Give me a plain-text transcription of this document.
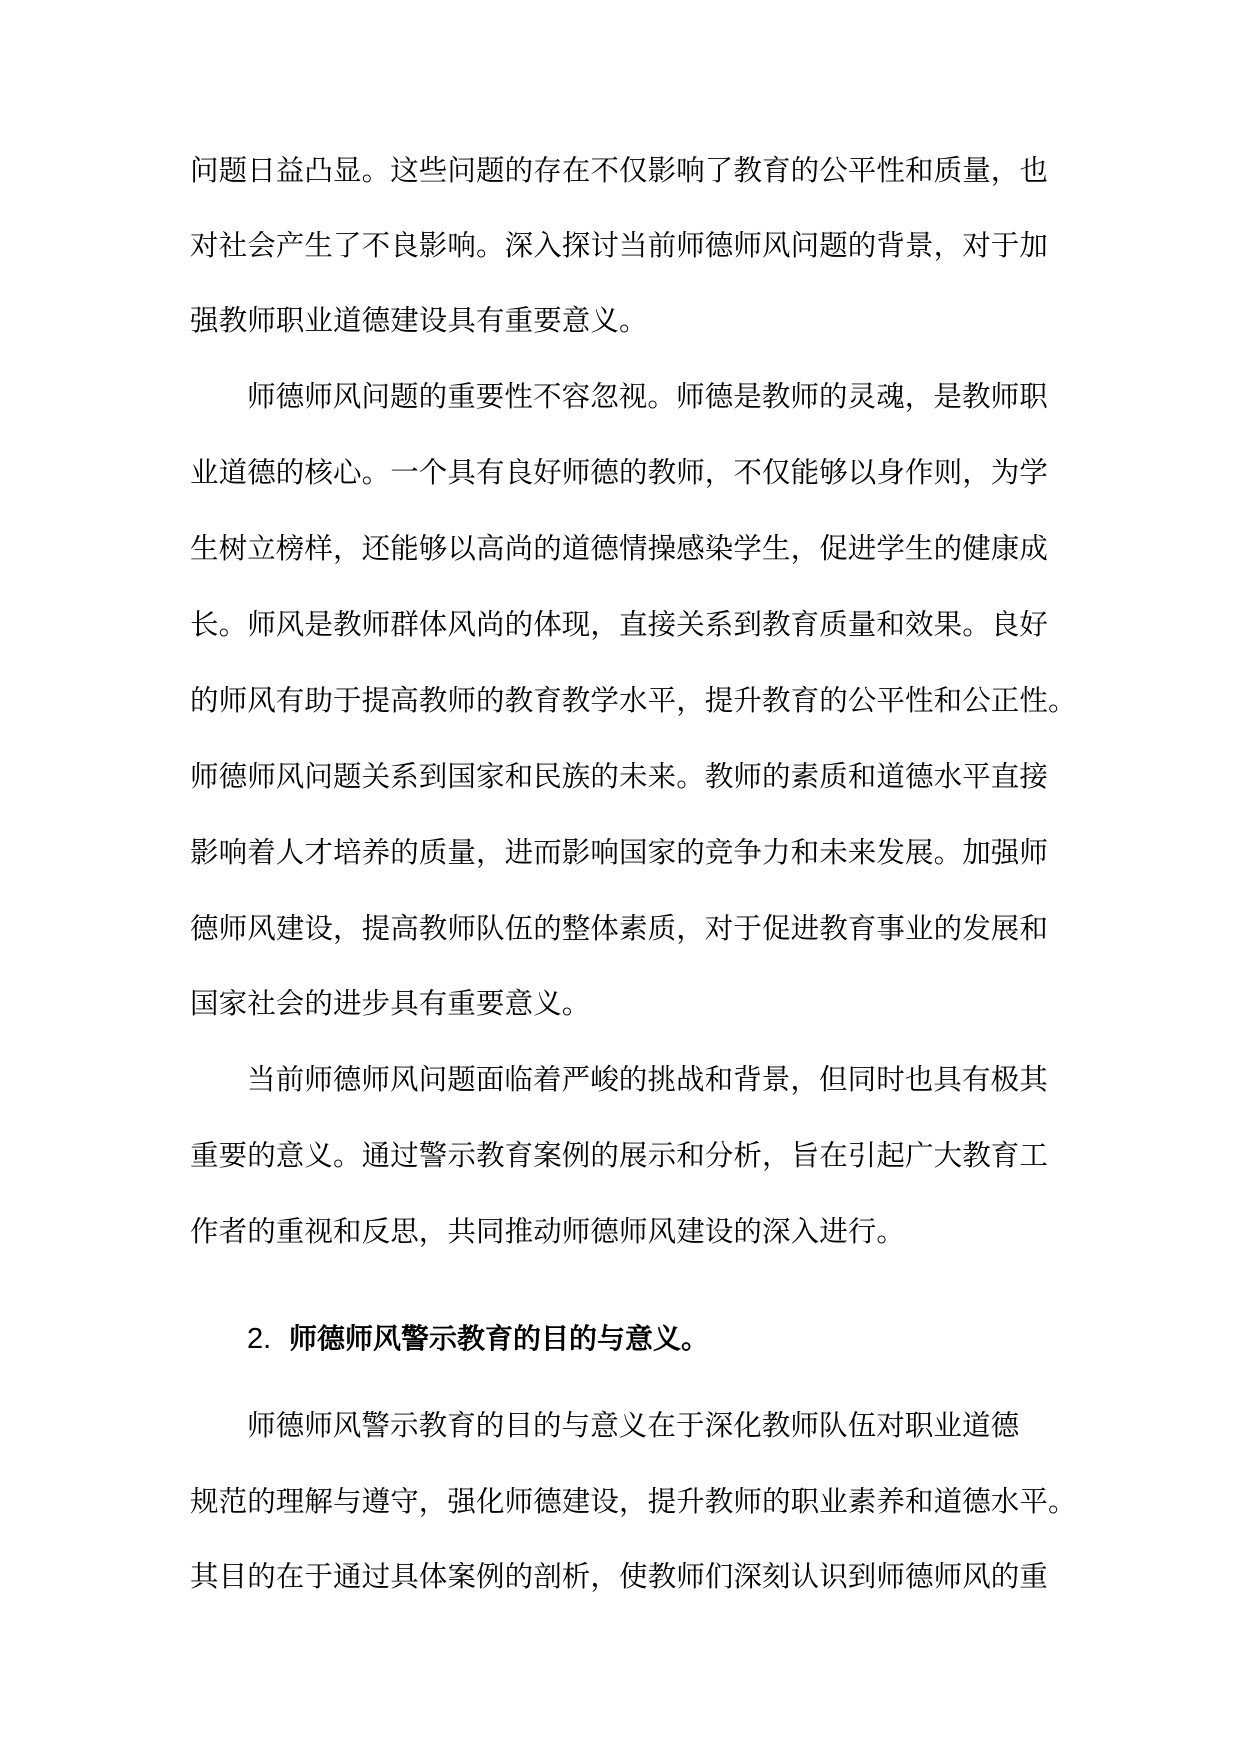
问题日益凸显。这些问题的存在不仅影响了教育的公平性和质量，也
对社会产生了不良影响。深入探讨当前师德师风问题的背景，对于加
强教师职业道德建设具有重要意义。
师德师风问题的重要性不容忽视。师德是教师的灵魂，是教师职
业道德的核心。一个具有良好师德的教师，不仅能够以身作则，为学
生树立榜样，还能够以高尚的道德情操感染学生，促进学生的健康成
长。师风是教师群体风尚的体现，直接关系到教育质量和效果。良好
的师风有助于提高教师的教育教学水平，提升教育的公平性和公正性。
师德师风问题关系到国家和民族的未来。教师的素质和道德水平直接
影响着人才培养的质量，进而影响国家的竞争力和未来发展。加强师
德师风建设，提高教师队伍的整体素质，对于促进教育事业的发展和
国家社会的进步具有重要意义。
当前师德师风问题面临着严峻的挑战和背景，但同时也具有极其
重要的意义。通过警示教育案例的展示和分析，旨在引起广大教育工
作者的重视和反思，共同推动师德师风建设的深入进行。
2. 师德师风警示教育的目的与意义。
师德师风警示教育的目的与意义在于深化教师队伍对职业道德
规范的理解与遵守，强化师德建设，提升教师的职业素养和道德水平。
其目的在于通过具体案例的剖析，使教师们深刻认识到师德师风的重
